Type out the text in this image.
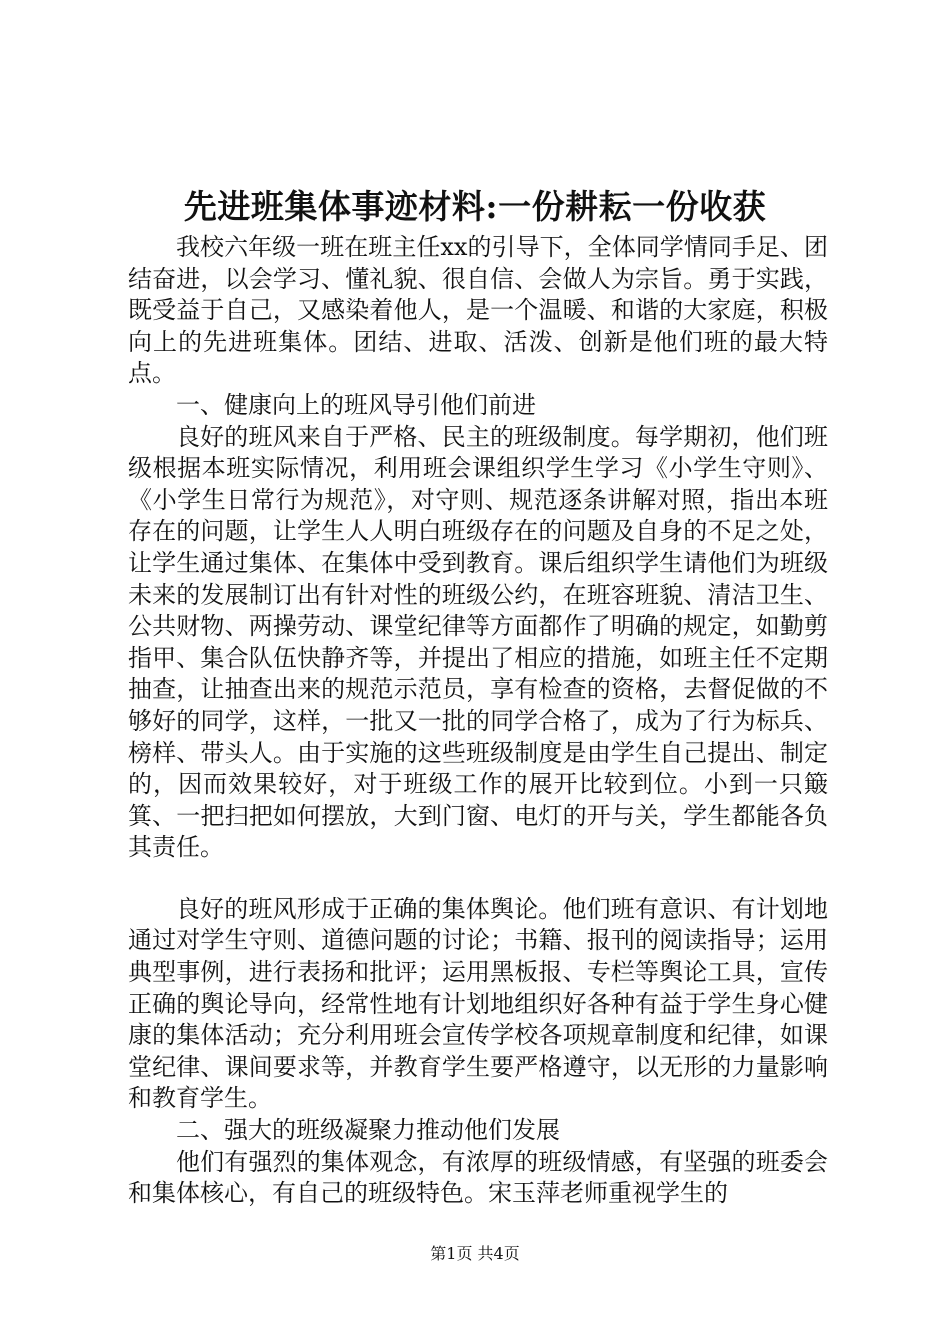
先进班集体事迹材料:一份耕耘一份收获

我校六年级一班在班主任xx的引导下，全体同学情同手足、团结奋进，以会学习、懂礼貌、很自信、会做人为宗旨。勇于实践，既受益于自己，又感染着他人，是一个温暖、和谐的大家庭，积极向上的先进班集体。团结、进取、活泼、创新是他们班的最大特点。

一、健康向上的班风导引他们前进

良好的班风来自于严格、民主的班级制度。每学期初，他们班级根据本班实际情况，利用班会课组织学生学习《小学生守则》、《小学生日常行为规范》，对守则、规范逐条讲解对照，指出本班存在的问题，让学生人人明白班级存在的问题及自身的不足之处，让学生通过集体、在集体中受到教育。课后组织学生请他们为班级未来的发展制订出有针对性的班级公约，在班容班貌、清洁卫生、公共财物、两操劳动、课堂纪律等方面都作了明确的规定，如勤剪指甲、集合队伍快静齐等，并提出了相应的措施，如班主任不定期抽查，让抽查出来的规范示范员，享有检查的资格，去督促做的不够好的同学，这样，一批又一批的同学合格了，成为了行为标兵、榜样、带头人。由于实施的这些班级制度是由学生自己提出、制定的，因而效果较好，对于班级工作的展开比较到位。小到一只簸箕、一把扫把如何摆放，大到门窗、电灯的开与关，学生都能各负其责任。

良好的班风形成于正确的集体舆论。他们班有意识、有计划地通过对学生守则、道德问题的讨论；书籍、报刊的阅读指导；运用典型事例，进行表扬和批评；运用黑板报、专栏等舆论工具，宣传正确的舆论导向，经常性地有计划地组织好各种有益于学生身心健康的集体活动；充分利用班会宣传学校各项规章制度和纪律，如课堂纪律、课间要求等，并教育学生要严格遵守，以无形的力量影响和教育学生。

二、强大的班级凝聚力推动他们发展

他们有强烈的集体观念，有浓厚的班级情感，有坚强的班委会和集体核心，有自己的班级特色。宋玉萍老师重视学生的

第1页 共4页
